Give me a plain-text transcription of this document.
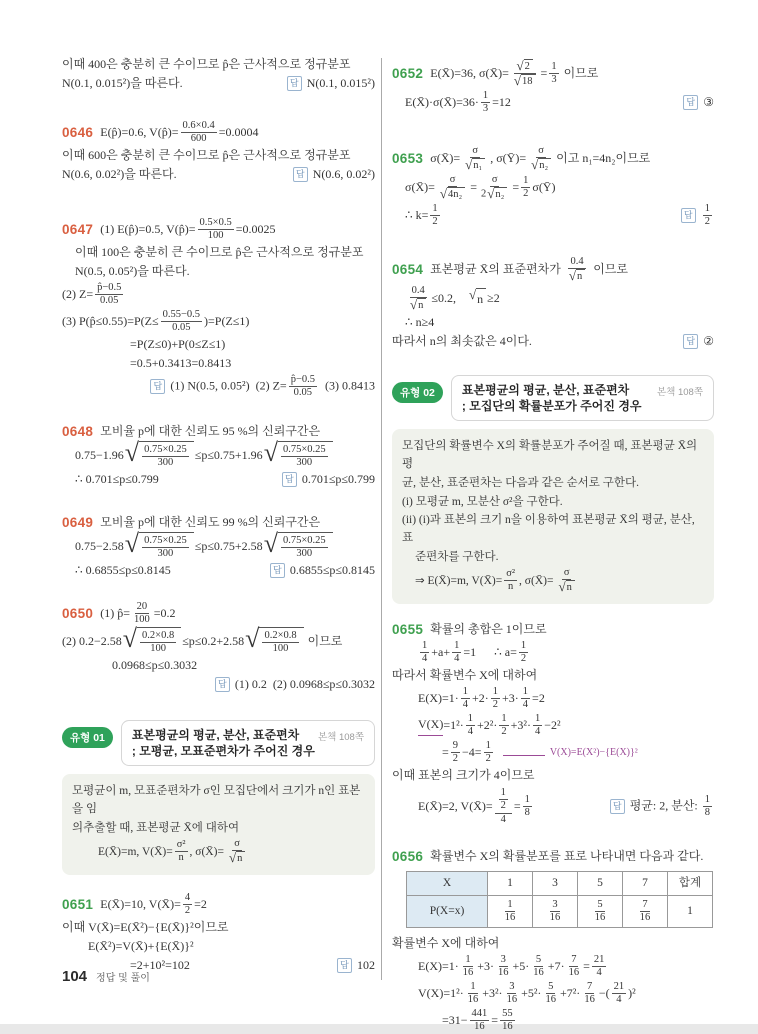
이때 400은 충분히 큰 수이므로 p̂은 근사적으로 정규분포
N(0.1, 0.015²)을 따른다.	답 N(0.1, 0.015²)
0646 E(p̂)=0.6, V(p̂)= 0.6×0.4
600 =0.0004
이때 600은 충분히 큰 수이므로 p̂은 근사적으로 정규분포
N(0.6, 0.02²)을 따른다.	답 N(0.6, 0.02²)
0647 (1) E(p̂)=0.5, V(p̂)= 0.5×0.5
100 =0.0025
이때 100은 충분히 큰 수이므로 p̂은 근사적으로 정규분포
N(0.5, 0.05²)을 따른다.
(2) Z= p̂−0.5
0.05
(3) P(p̂≤0.55)=P(Z≤ 0.55−0.5
0.05 )=P(Z≤1)
=P(Z≤0)+P(0≤Z≤1)
=0.5+0.3413=0.8413
답 (1) N(0.5, 0.05²)  (2) $Z= \frac{p̂-0.5}{0.05} (3)$ 0.8413
0648 모비율 p에 대한 신뢰도 95 %의 신뢰구간은
0.75−1.96 √ 0.75×0.25
300
≤p≤0.75+1.96 √ 0.75×0.25
300
∴ 0.701≤p≤0.799	답 0.701≤p≤0.799
0649 모비율 p에 대한 신뢰도 99 %의 신뢰구간은
0.75−2.58 √ 0.75×0.25
300
≤p≤0.75+2.58 √ 0.75×0.25
300
∴ 0.6855≤p≤0.8145	답 0.6855≤p≤0.8145
0650 (1) p̂= 20
100 =0.2
(2) 0.2−2.58 √ 0.2×0.8
100
≤p≤0.2+2.58 √ 0.2×0.8
100
이므로
0.0968≤p≤0.3032
답 (1) 0.2  (2) 0.0968≤p≤0.3032
유형 01	표본평균의 평균, 분산, 표준편차
; 모평균, 모표준편차가 주어진 경우
본책 108쪽
모평균이 m, 모표준편차가 σ인 모집단에서 크기가 n인 표본을 임
의추출할 때, 표본평균 X̄에 대하여
E(X̄)=m, V(X̄)=
σ²
n , σ(X̄)=
σ
√ n
0651 E(X̄)=10, V(X̄)= 4
2 =2
이때 V(X̄)=E(X̄²)−{E(X̄)}²이므로
E(X̄²)=V(X̄)+{E(X̄)}²
=2+10²=102	답 102
0652 E(X̄)=36, σ(X̄)= √ 2
√ 18
= 1
3 이므로
E(X̄)·σ(X̄)=36· 1
3 =12	답 ③
0653 σ(X̄)=
σ
√ n₁
, σ(Ȳ)=
σ
√ n₂
이고 n₁=4n₂이므로
σ(X̄)=
σ
√ 4n₂
=
σ
2 √ n₂
= 1
2 σ(Ȳ)
∴ k= 1
2
답 $\frac{1}{2}$
0654 표본평균 X̄의 표준편차가
0.4
√ n
이므로
0.4
√ n
≤0.2, √ n ≥2
∴ n≥4
따라서 n의 최솟값은 4이다.	답 ②
유형 02	표본평균의 평균, 분산, 표준편차
; 모집단의 확률분포가 주어진 경우
본책 108쪽
모집단의 확률변수 X의 확률분포가 주어질 때, 표본평균 X̄의 평
균, 분산, 표준편차는 다음과 같은 순서로 구한다.
(i) 모평균 m, 모분산 σ²을 구한다.
(ii) (i)과 표본의 크기 n을 이용하여 표본평균 X̄의 평균, 분산, 표
준편차를 구한다.
⇒ E(X̄)=m, V(X̄)=
σ²
n , σ(X̄)=
σ
√ n
0655 확률의 총합은 1이므로
1
4 +a+ 1
4 =1      ∴ a= 1
2
따라서 확률변수 X에 대하여
E(X)=1· 1
4 +2· 1
2 +3· 1
4 =2
V(X) =1²· 1
4 +2²· 1
2 +3²· 1
4 −2²
= 9
2 −4= 1
2
V(X)=E(X²)−{E(X)}²
이때 표본의 크기가 4이므로
E(X̄)=2, V(X̄)= $\frac{1}{2}$
4
= 1
8
답 평균: 2, 분산: $\frac{1}{8}$
0656 확률변수 X의 확률분포를 표로 나타내면 다음과 같다.
X	1	3	5	7	합계
P(X=x)	$\frac{1}{16}$	$\frac{3}{16}$	$\frac{5}{16}$	$\frac{7}{16}$	1
확률변수 X에 대하여
E(X)=1· 1
16 +3· 3
16 +5· 5
16 +7· 7
16 = 21
4
V(X)=1²· 1
16 +3²· 3
16 +5²· 5
16 +7²· 7
16 −( 21
4 )²
=31− 441
16 = 55
16
104 정답 및 풀이
